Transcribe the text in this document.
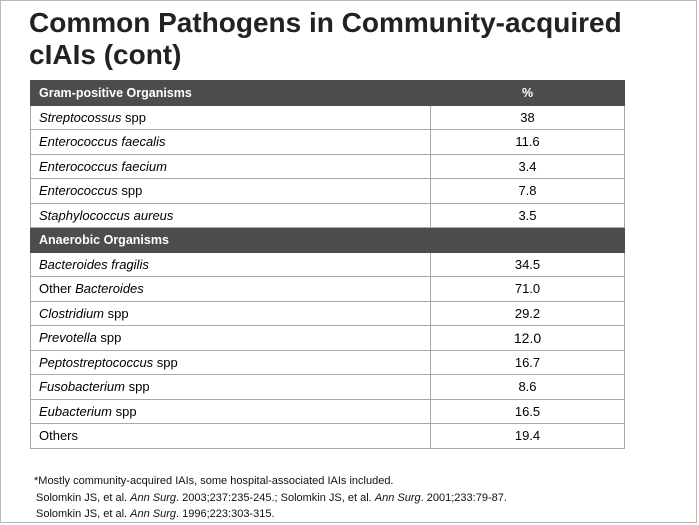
Common Pathogens in Community-acquired
cIAIs (cont)
Gram-positive Organisms	%
Streptocossus spp	38
Enterococcus faecalis	11.6
Enterococcus faecium	3.4
Enterococcus spp	7.8
Staphylococcus aureus	3.5
Anaerobic Organisms	
Bacteroides fragilis	34.5
Other Bacteroides	71.0
Clostridium spp	29.2
Prevotella spp	12.0
Peptostreptococcus spp	16.7
Fusobacterium spp	8.6
Eubacterium spp	16.5
Others	19.4
*Mostly community-acquired IAIs, some hospital-associated IAIs included.
Solomkin JS, et al. Ann Surg. 2003;237:235-245.; Solomkin JS, et al. Ann Surg. 2001;233:79-87.
Solomkin JS, et al. Ann Surg. 1996;223:303-315.
